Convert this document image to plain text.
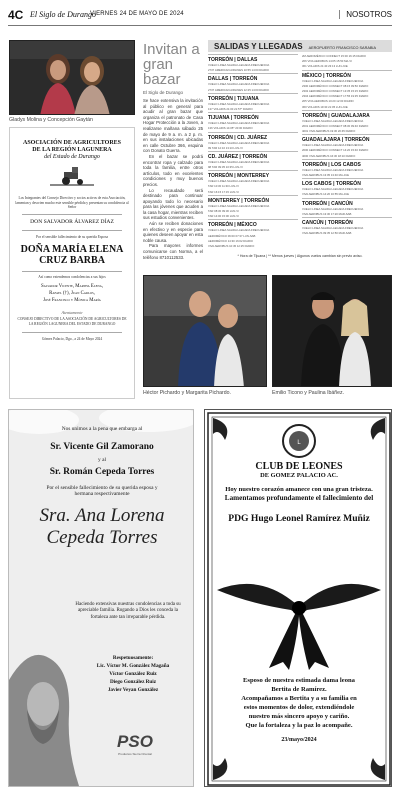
4C El Siglo de Durango
VIERNES 24 DE MAYO DE 2024	NOSOTROS
Gladys Molina y Concepción Gaytán
Invitan a gran bazar
El Siglo de Durango

Se hace extensiva la invitación al público en general para acudir al gran bazar que organiza el patronato de Casa Hogar Protección a la Joven, a realizarse mañana sábado 25 de mayo de 9 a. m. a 2 p. m. en sus instalaciones ubicadas en calle Octubre 366, esquina con Donato Guerra.

En el bazar se podrá encontrar ropa y calzado para toda la familia, entre otros artículos, todo en excelentes condiciones y muy buenos precios.

Lo recaudado será destinado para continuar apoyando todo lo necesario para las jóvenes que acuden a la casa hogar, mientras reciben sus estudios convenientes.

Aún se reciben donaciones en efectivo y en especie para quienes deseen apoyar en esta noble causa.

Para mayores informes comunicarse con Norma, a el teléfono 8710112533.

SALIDAS Y LLEGADAS AEROPUERTO FRANCISCO SARABIA
TORREÓN | DALLAS
VUELO LINEA SALIDA LLEGADA FRECUENCIA
2737 AMERICAN AIRLINES 10:55 14:00 DIARIO
DALLAS | TORREÓN
VUELO LINEA SALIDA LLEGADA FRECUENCIA
2737 AMERICAN AIRLINES 12:25 14:00 DIARIO
TORREÓN | TIJUANA
VUELO LINEA SALIDA LLEGADA FRECUENCIA
137 VOLARIS 21:00 21:57* DIARIO
TIJUANA | TORREÓN
VUELO LINEA SALIDA LLEGADA FRECUENCIA
136 VOLARIS 14:05* 20:00 DIARIO
TORREÓN | CD. JUÁREZ
VUELO LINEA SALIDA LLEGADA FRECUENCIA
99 TAR 12:10 13:10 LUN-VI
CD. JUÁREZ | TORREÓN
VUELO LINEA SALIDA LLEGADA FRECUENCIA
98 TAR 09:35 10:35 LUN-VI
TORREÓN | MONTERREY
VUELO LINEA SALIDA LLEGADA FRECUENCIA
TAR 10:30 11:30 LUN-VI
TAR 16:15 17:15 LUN-VI
MONTERREY | TORREÓN
VUELO LINEA SALIDA LLEGADA FRECUENCIA
TAR 08:30 09:30 LUN-VI
TAR 14:00 15:00 LUN-VI
TORREÓN | MÉXICO
VUELO LINEA SALIDA LLEGADA FRECUENCIA
AEROMÉXICO 06:00 07:37 LUN-SAB
AEROMÉXICO 14:30 16:02 DIARIO
VIVA AEROBUS 10:45 12:25 DIARIO
2M AEROMÉXICO CONNECT 15:00 16:15 DIARIO
206 VIVA AEROBUS 14:05 15:50 MA-VI
361 VOLARIS 21:40 23:13 LUN-JUE
MÉXICO | TORREÓN
VUELO LINEA SALIDA LLEGADA FRECUENCIA
2300 AEROMÉXICO CONNECT 08:15 09:50 DIARIO
2302 AEROMÉXICO CONNECT 13:35 15:15 DIARIO
2304 AEROMÉXICO CONNECT 17:55 19:35 DIARIO
205 VIVA AEROBUS 10:20 12:00 DIARIO
360 VOLARIS 19:30 21:05 LUN-JUE
TORREÓN | GUADALAJARA
VUELO LINEA SALIDA LLEGADA FRECUENCIA
2001 AEROMÉXICO CONNECT 08:30 09:40 DIARIO
4001 VIVA AEROBUS 19:30 20:45 DIARIO
GUADALAJARA | TORREÓN
VUELO LINEA SALIDA LLEGADA FRECUENCIA
2000 AEROMÉXICO CONNECT 14:20 15:40 DIARIO
4000 VIVA AEROBUS 16:30 18:10 DIARIO
TORREÓN | LOS CABOS
VUELO LINEA SALIDA LLEGADA FRECUENCIA
VIVA AEROBUS 13:05 13:40 MA-JUE
LOS CABOS | TORREÓN
VUELO LINEA SALIDA LLEGADA FRECUENCIA
VIVA AEROBUS 14:20 16:55 MA-JUE
TORREÓN | CANCÚN
VUELO LINEA SALIDA LLEGADA FRECUENCIA
VIVA AEROBUS 13:30 17:20 MAR-SAB
CANCÚN | TORREÓN
VUELO LINEA SALIDA LLEGADA FRECUENCIA
VIVA AEROBUS 09:35 12:50 MAR-SAB
* Hora de Tijuana | ** Menos jueves | Algunos vuelos cambian sin previo aviso.
Héctor Pichardo y Margarita Pichardo.	Emilio Ticono y Paulina Ibáñez.
ASOCIACIÓN DE AGRICULTORES
DE LA REGIÓN LAGUNERA
del Estado de Durango
Los Integrantes del Consejo Directivo y socios activos de esta Asociación, lamentan y descrien mucho este sensible pérdida y presentan su condolencia al Señor
DON SALVADOR ÁLVAREZ DÍAZ
Por el sensible fallecimiento de su querida Esposa
DOÑA MARÍA ELENA CRUZ BARBA
Así como extendemos condolencias a sus hijos
Salvador Vicente, Martha Elena,
Rafael (†), Juan Carlos,
José Francisco y Mónica María
Atentamente
CONSEJO DIRECTIVO DE LA ASOCIACIÓN DE AGRICULTORES DE LA REGIÓN LAGUNERA DEL ESTADO DE DURANGO
Gómez Palacio, Dgo., a 24 de Mayo 2024
Nos unimos a la pena que embarga al
Sr. Vicente Gil Zamorano
y al
Sr. Román Cepeda Torres
Por el sensible fallecimiento de su querida esposa y hermana respectivamente
Sra. Ana Lorena
Cepeda Torres
Haciendo extensivas nuestras condolencias a toda su apreciable familia. Rogando a Dios les conceda la fortaleza ante tan irreparable pérdida.
Respetuosamente:
Lic. Víctor M. González Magaña
Víctor González Ruiz
Diego González Ruiz
Javier Veyan González
PSO
Productos Sierra Oriental
L
CLUB DE LEONES
DE GOMEZ PALACIO AC.
Hoy nuestro corazón amanece con una gran tristeza.
Lamentamos profundamente el fallecimiento del
PDG Hugo Leonel Ramírez Muñiz
Esposo de nuestra estimada dama leona
Bertita de Ramírez.
Acompañamos a Bertita y a su familia en
estos momentos de dolor, extendiéndole
nuestro más sincero apoyo y cariño.
Que la fortaleza y la paz lo acompañe.
23/mayo/2024
